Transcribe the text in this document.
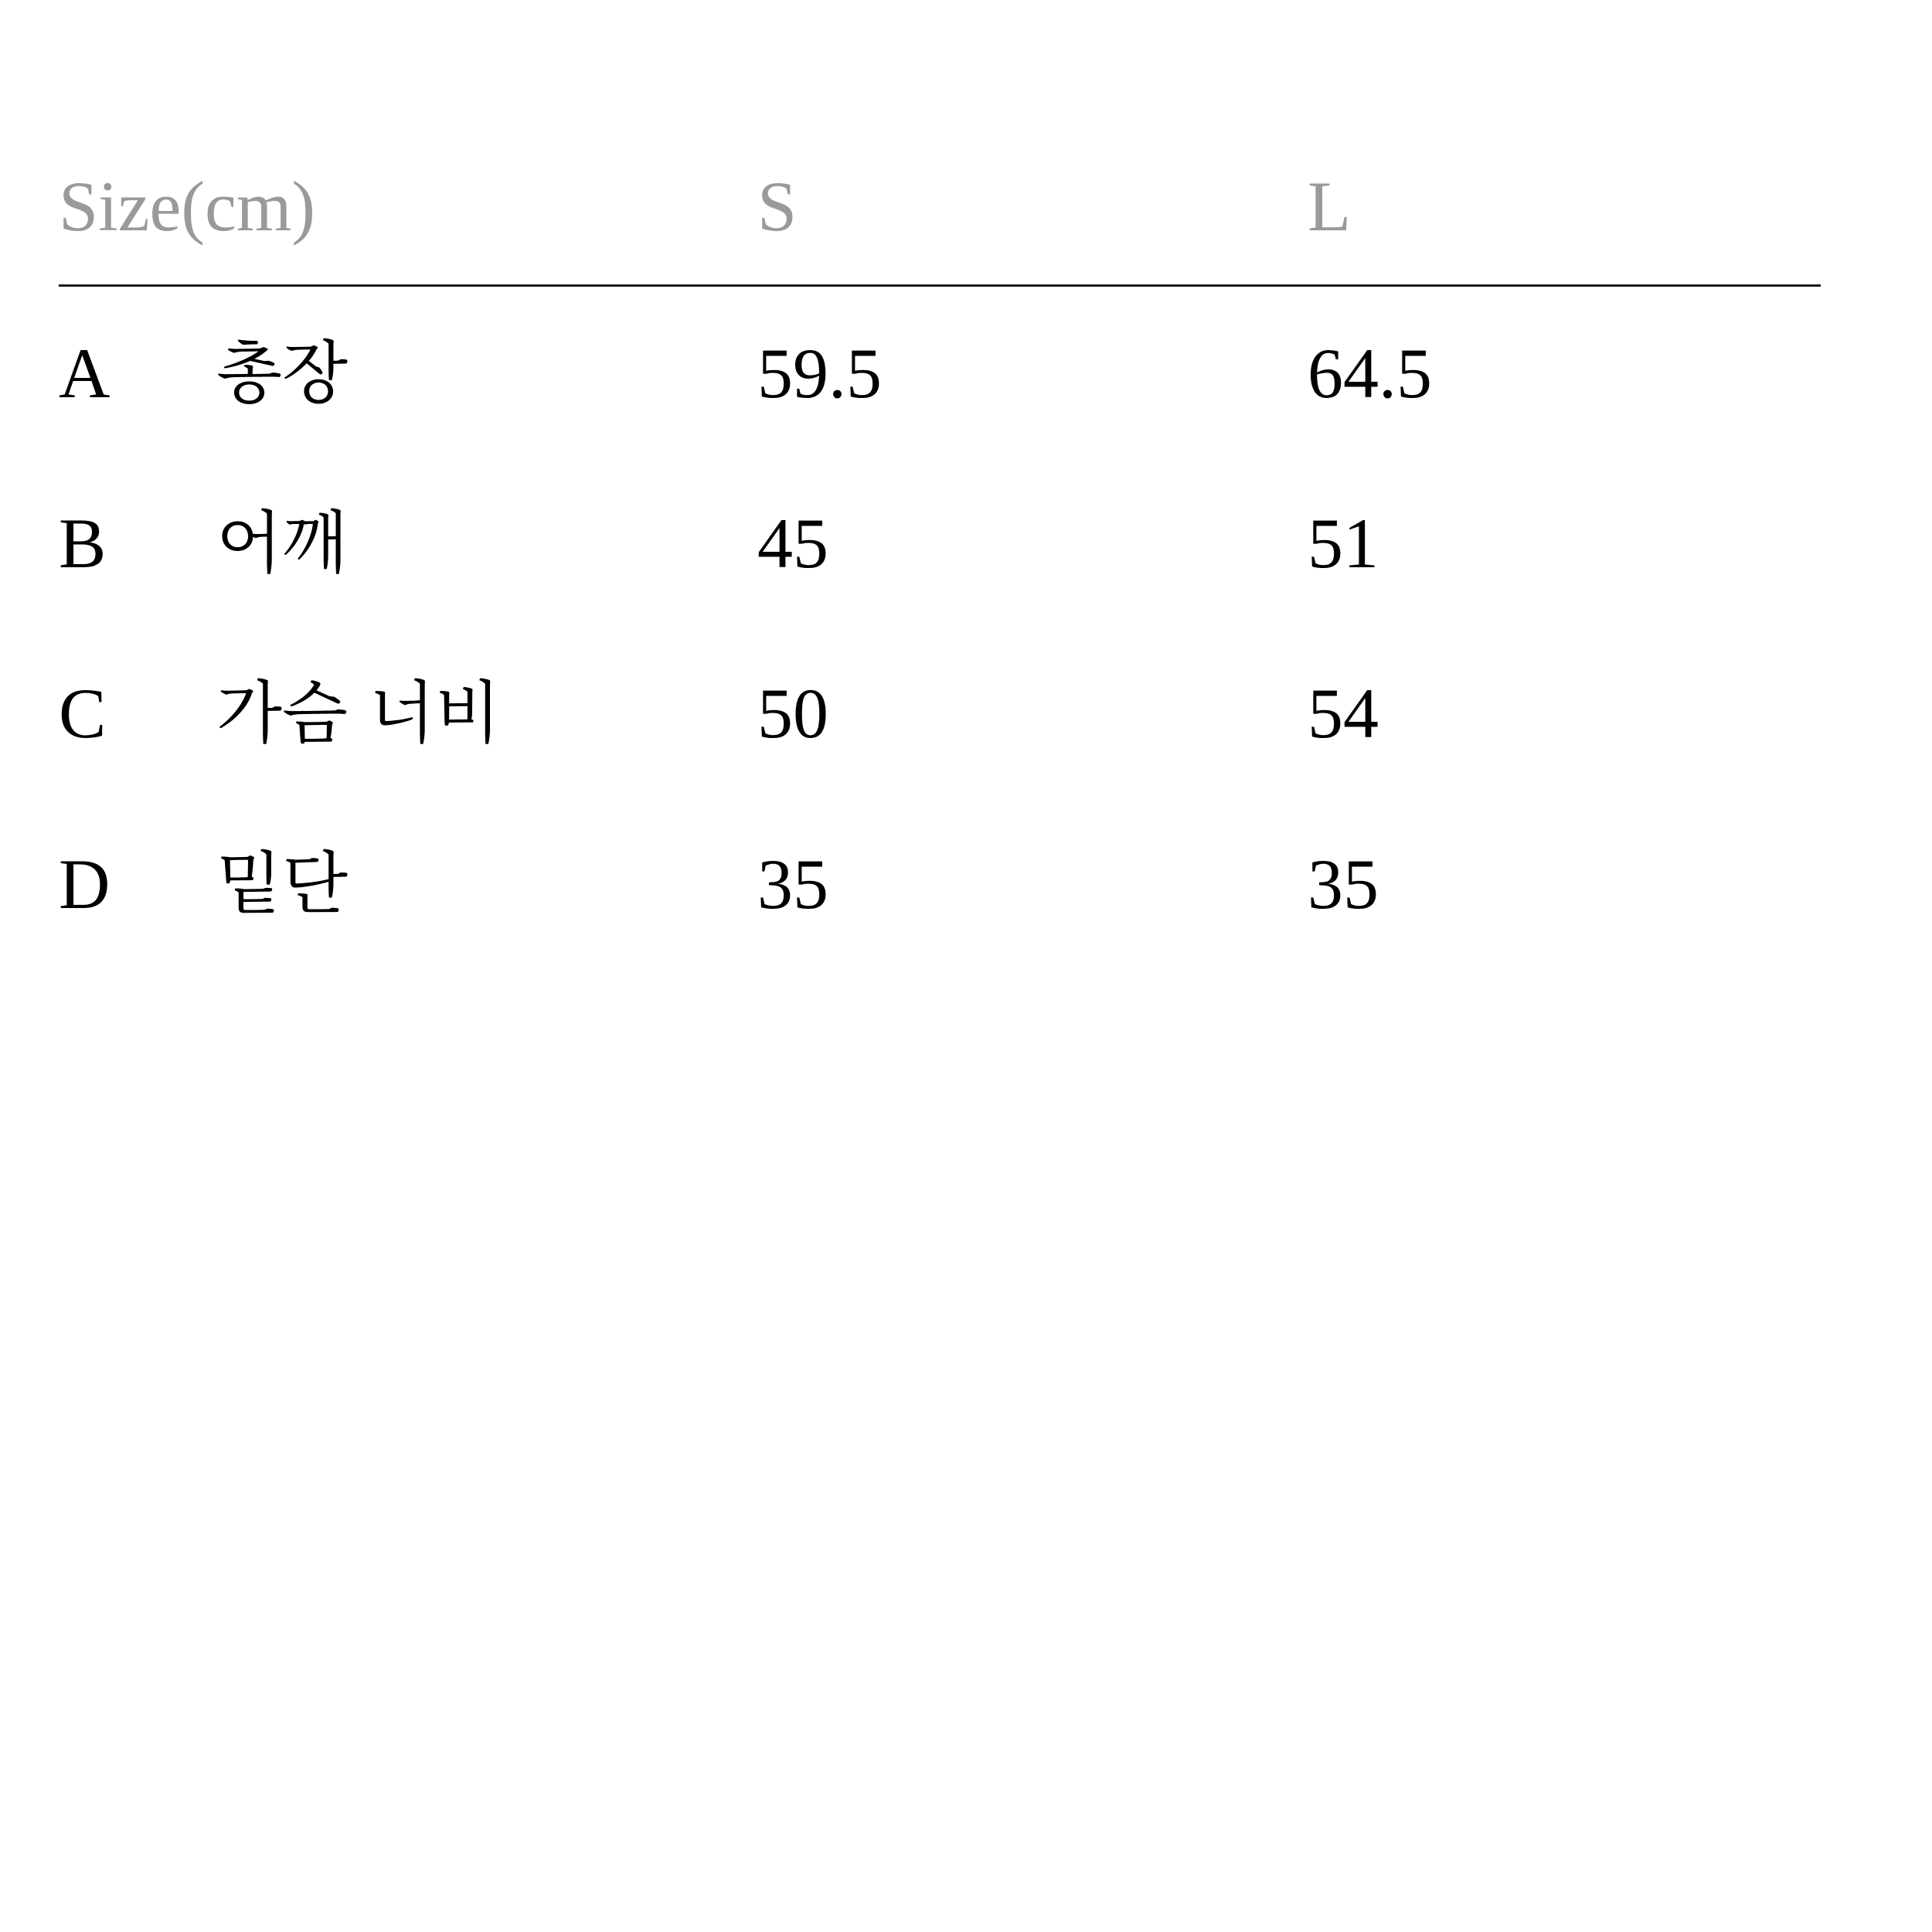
Size(cm)	S	L
A 총장	59.5	64.5
B 어깨	45	51
C 가슴 너비	50	54
D 밑단	35	35
